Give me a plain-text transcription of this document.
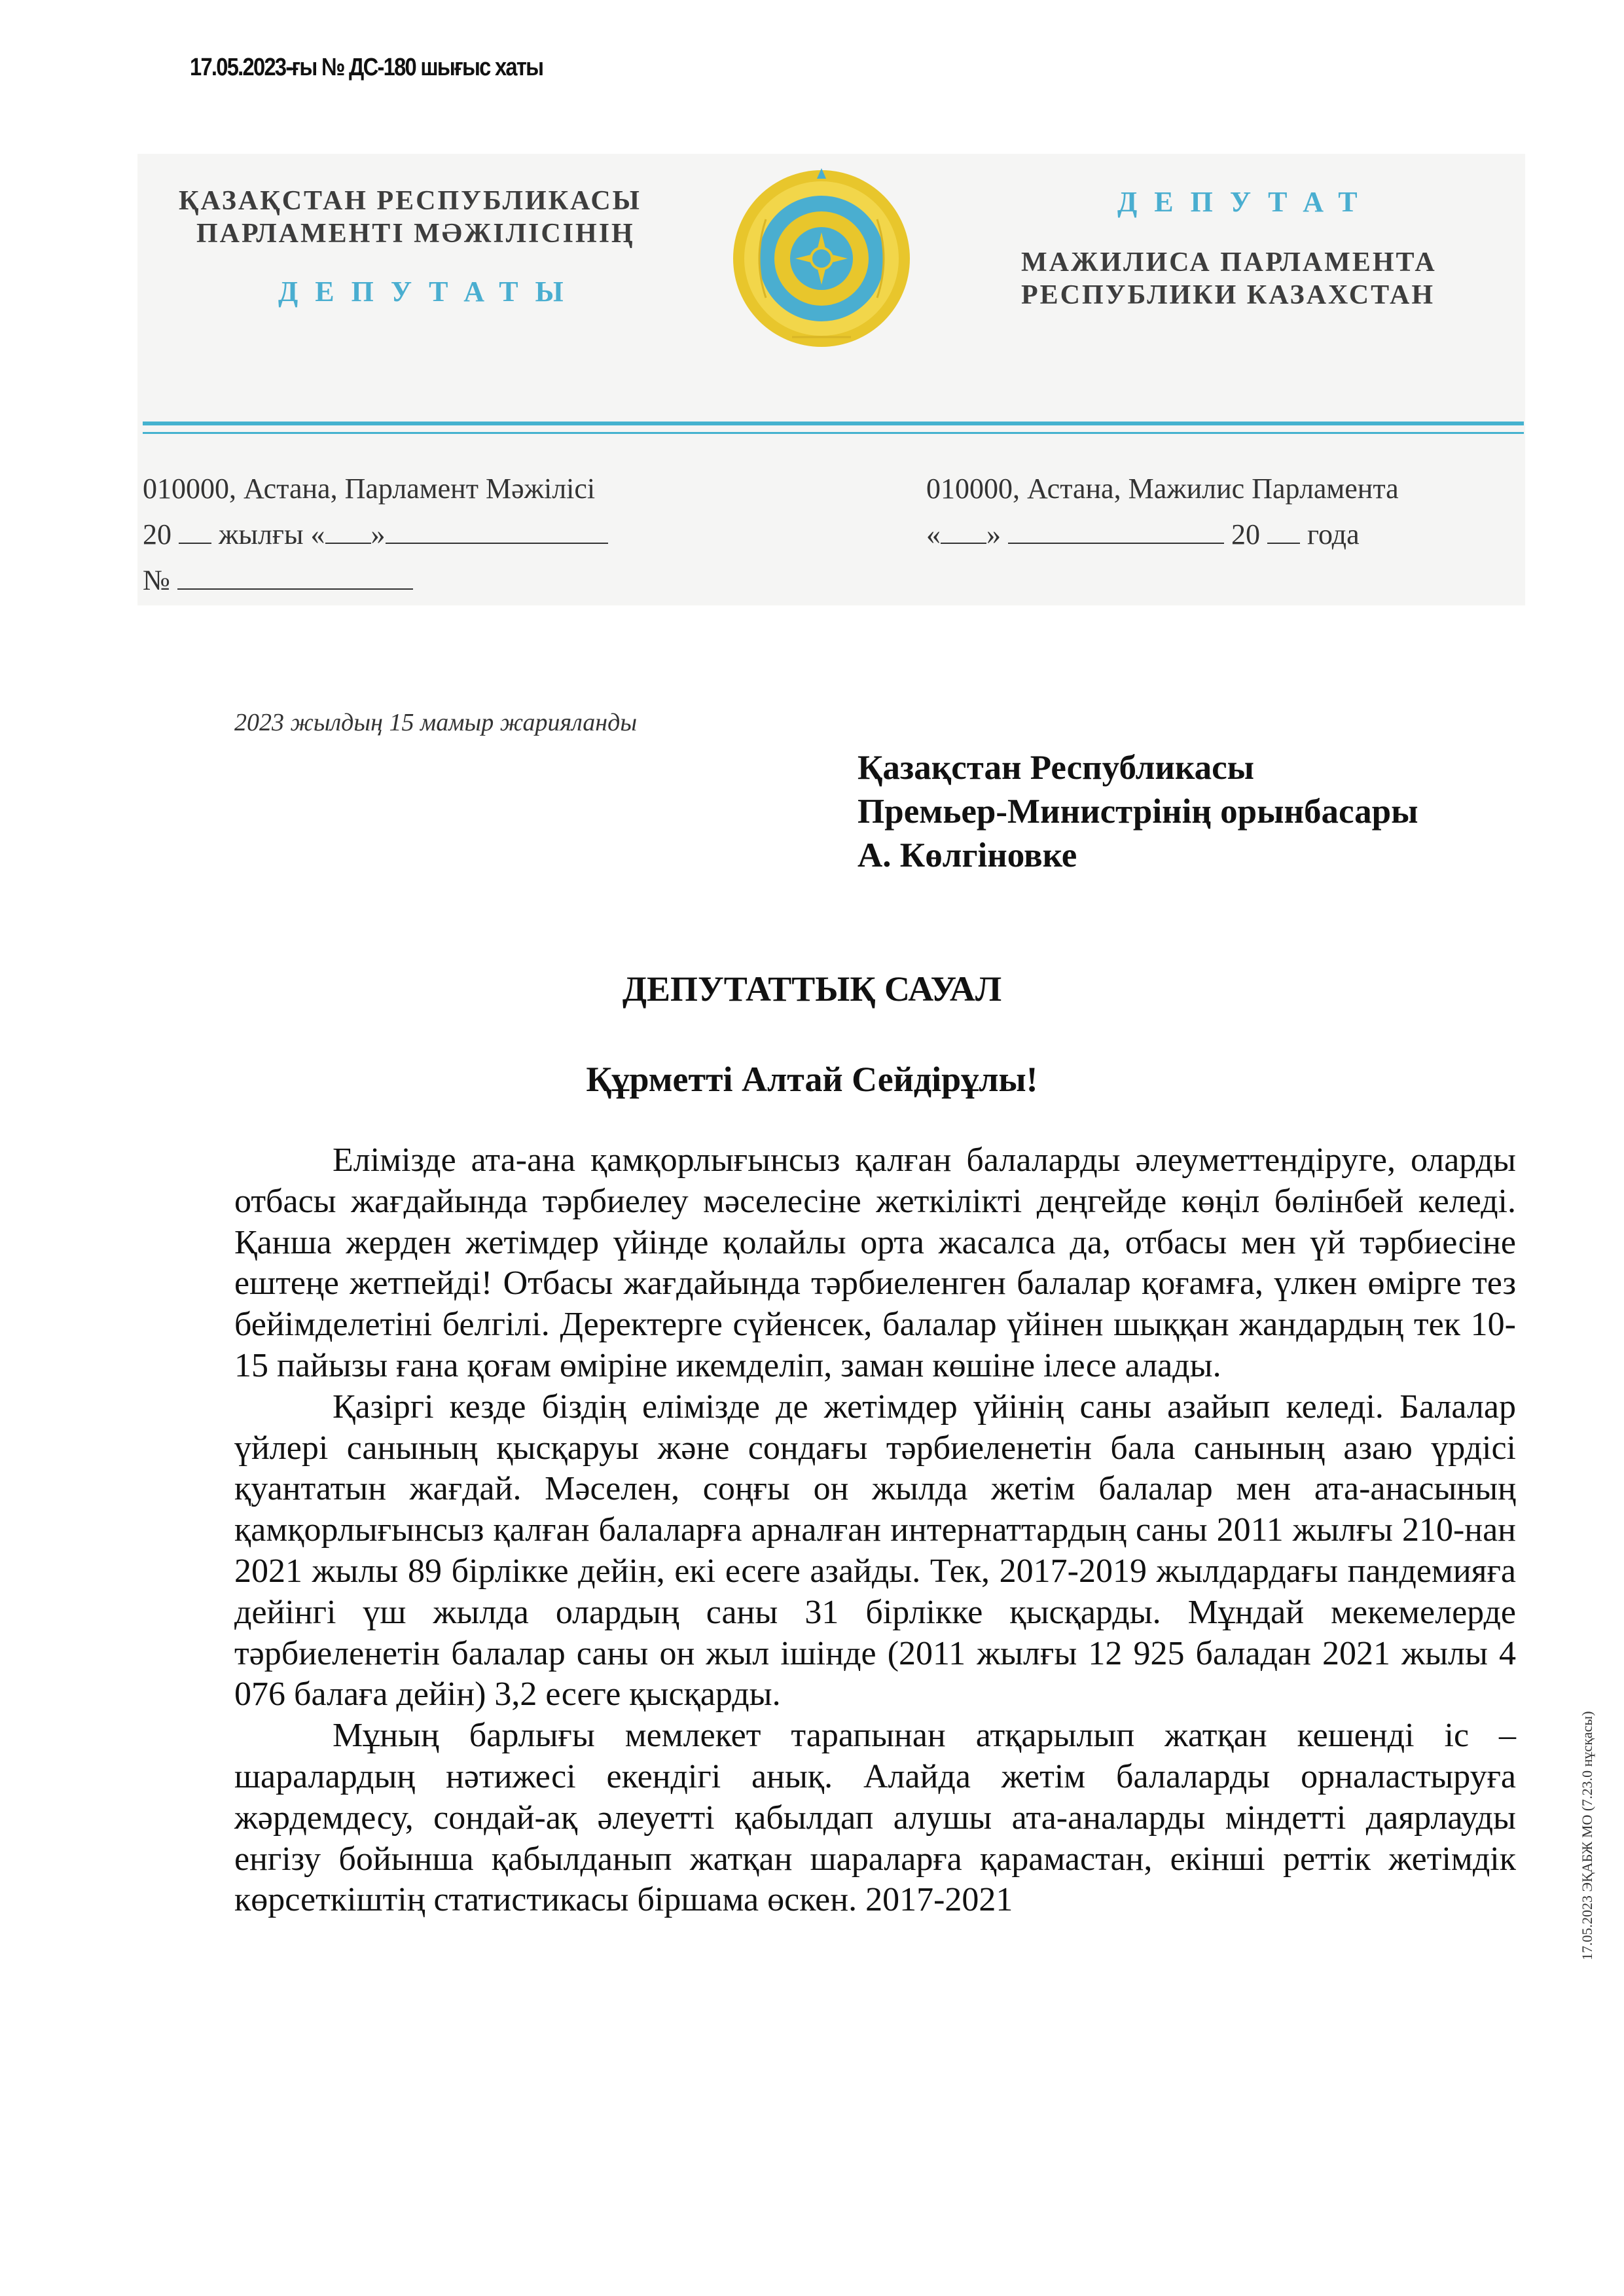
17.05.2023-ғы № ДС-180 шығыс хаты
ҚАЗАҚСТАН РЕСПУБЛИКАСЫ
ПАРЛАМЕНТІ МӘЖІЛІСІНІҢ
ДЕПУТАТЫ
ДЕПУТАТ
МАЖИЛИСА ПАРЛАМЕНТА
РЕСПУБЛИКИ КАЗАХСТАН
010000, Астана, Парламент Мәжілісі
20 жылғы « »
№
010000, Астана, Мажилис Парламента
« »	20 года
2023 жылдың 15 мамыр жарияланды
Қазақстан Республикасы
Премьер-Министрінің орынбасары
А. Көлгіновке
ДЕПУТАТТЫҚ САУАЛ
Құрметті Алтай Сейдірұлы!

Елімізде ата-ана қамқорлығынсыз қалған балаларды әлеуметтендіруге, оларды отбасы жағдайында тәрбиелеу мәселесіне жеткілікті деңгейде көңіл бөлінбей келеді. Қанша жерден жетімдер үйінде қолайлы орта жасалса да, отбасы мен үй тәрбиесіне ештеңе жетпейді! Отбасы жағдайында тәрбиеленген балалар қоғамға, үлкен өмірге тез бейімделетіні белгілі. Деректерге сүйенсек, балалар үйінен шыққан жандардың тек 10-15 пайызы ғана қоғам өміріне икемделіп, заман көшіне ілесе алады.

Қазіргі кезде біздің елімізде де жетімдер үйінің саны азайып келеді. Балалар үйлері санының қысқаруы және сондағы тәрбиеленетін бала санының азаю үрдісі қуантатын жағдай. Мәселен, соңғы он жылда жетім балалар мен ата-анасының қамқорлығынсыз қалған балаларға арналған интернаттардың саны 2011 жылғы 210-нан 2021 жылы 89 бірлікке дейін, екі есеге азайды. Тек, 2017-2019 жылдардағы пандемияға дейінгі үш жылда олардың саны 31 бірлікке қысқарды. Мұндай мекемелерде тәрбиеленетін балалар саны он жыл ішінде (2011 жылғы 12 925 баладан 2021 жылы 4 076 балаға дейін) 3,2 есеге қысқарды.

Мұның барлығы мемлекет тарапынан атқарылып жатқан кешенді іс – шаралардың нәтижесі екендігі анық. Алайда жетім балаларды орналастыруға жәрдемдесу, сондай-ақ әлеуетті қабылдап алушы ата-аналарды міндетті даярлауды енгізу бойынша қабылданып жатқан шараларға қарамастан, екінші реттік жетімдік көрсеткіштің статистикасы біршама өскен. 2017-2021	17.05.2023 ЭҚАБЖ МО (7.23.0 нұсқасы)
